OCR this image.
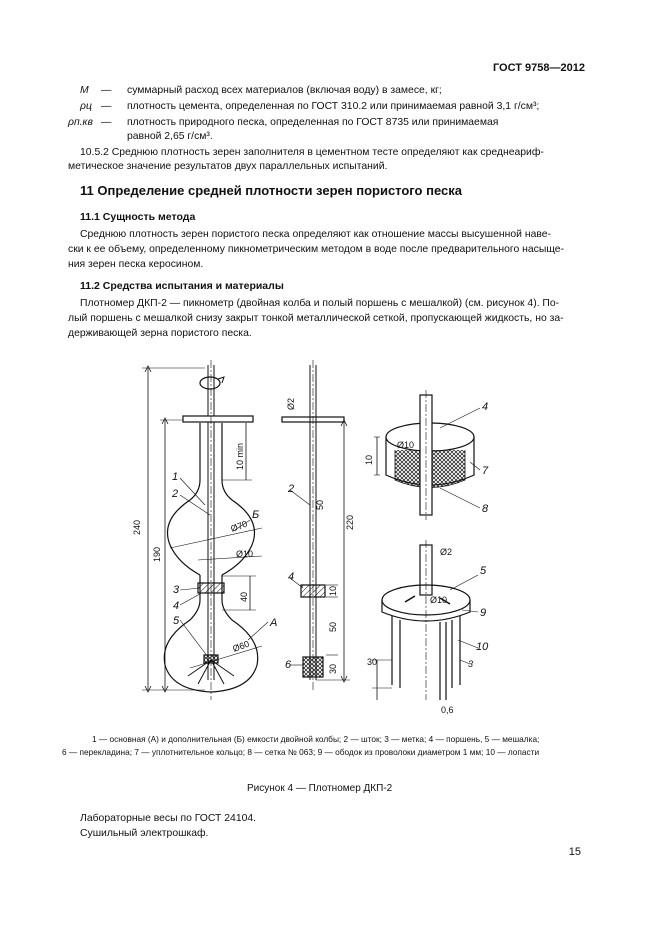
ГОСТ 9758—2012
M — суммарный расход всех материалов (включая воду) в замесе, кг;
ρц — плотность цемента, определенная по ГОСТ 310.2 или принимаемая равной 3,1 г/см³;
ρп.кв — плотность природного песка, определенная по ГОСТ 8735 или принимаемая
равной 2,65 г/см³.
10.5.2 Среднюю плотность зерен заполнителя в цементном тесте определяют как среднеариф-
метическое значение результатов двух параллельных испытаний.
11 Определение средней плотности зерен пористого песка
11.1 Сущность метода
Среднюю плотность зерен пористого песка определяют как отношение массы высушенной наве-
ски к ее объему, определенному пикнометрическим методом в воде после предварительного насыще-
ния зерен песка керосином.
11.2 Средства испытания и материалы
Плотномер ДКП-2 — пикнометр (двойная колба и полый поршень с мешалкой) (см. рисунок 4). По-
лый поршень с мешалкой снизу закрыт тонкой металлической сеткой, пропускающей жидкость, но за-
держивающей зерна пористого песка.
240
190
10 min
Ø70
Ø10
40
Ø60
Ø2
50
220
10
50
30
10
Ø10
Ø2
Ø10
30
0,6
1
2
Б
3
4
5	А
2
4
6
4
7
8
5
9
10
3
1 — основная (А) и дополнительная (Б) емкости двойной колбы; 2 — шток; 3 — метка; 4 — поршень, 5 — мешалка;
6 — перекладина; 7 — уплотнительное кольцо; 8 — сетка № 063; 9 — ободок из проволоки диаметром 1 мм; 10 — лопасти
Рисунок 4 — Плотномер ДКП-2
Лабораторные весы по ГОСТ 24104.
Сушильный электрошкаф.
15
